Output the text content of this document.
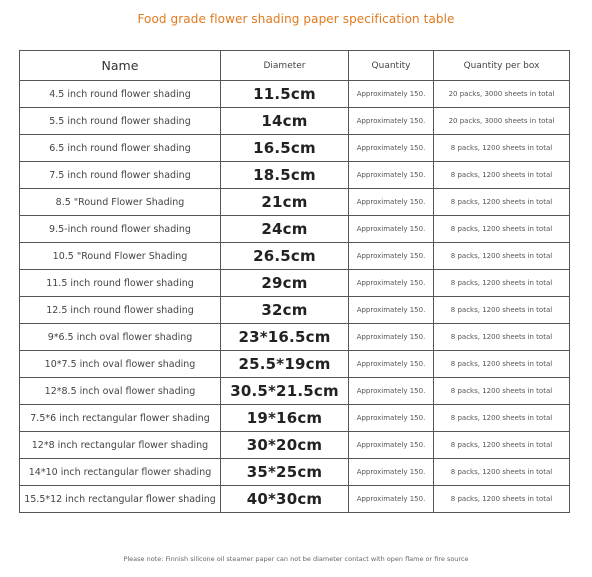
Food grade flower shading paper specification table
Name	Diameter	Quantity	Quantity per box
4.5 inch round flower shading	11.5cm	Approximately 150.	20 packs, 3000 sheets in total
5.5 inch round flower shading	14cm	Approximately 150.	20 packs, 3000 sheets in total
6.5 inch round flower shading	16.5cm	Approximately 150.	8 packs, 1200 sheets in total
7.5 inch round flower shading	18.5cm	Approximately 150.	8 packs, 1200 sheets in total
8.5 "Round Flower Shading	21cm	Approximately 150.	8 packs, 1200 sheets in total
9.5-inch round flower shading	24cm	Approximately 150.	8 packs, 1200 sheets in total
10.5 "Round Flower Shading	26.5cm	Approximately 150.	8 packs, 1200 sheets in total
11.5 inch round flower shading	29cm	Approximately 150.	8 packs, 1200 sheets in total
12.5 inch round flower shading	32cm	Approximately 150.	8 packs, 1200 sheets in total
9*6.5 inch oval flower shading	23*16.5cm	Approximately 150.	8 packs, 1200 sheets in total
10*7.5 inch oval flower shading	25.5*19cm	Approximately 150.	8 packs, 1200 sheets in total
12*8.5 inch oval flower shading	30.5*21.5cm	Approximately 150.	8 packs, 1200 sheets in total
7.5*6 inch rectangular flower shading	19*16cm	Approximately 150.	8 packs, 1200 sheets in total
12*8 inch rectangular flower shading	30*20cm	Approximately 150.	8 packs, 1200 sheets in total
14*10 inch rectangular flower shading	35*25cm	Approximately 150.	8 packs, 1200 sheets in total
15.5*12 inch rectangular flower shading	40*30cm	Approximately 150.	8 packs, 1200 sheets in total
Please note: Finnish silicone oil steamer paper can not be diameter contact with open flame or fire source
